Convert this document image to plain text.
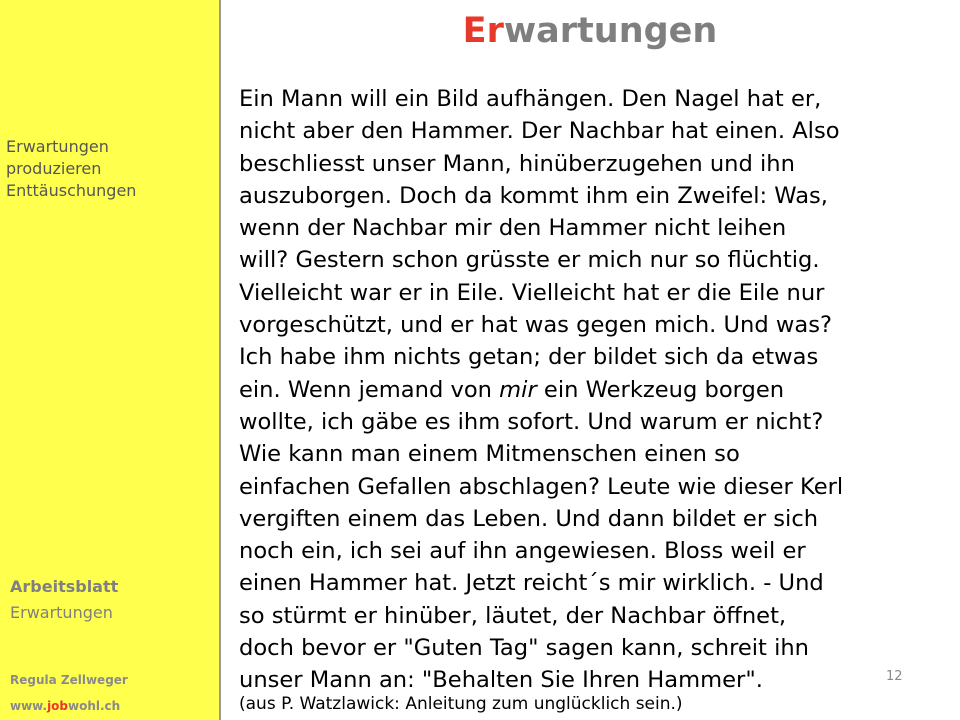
Erwartungen
produzieren
Enttäuschungen
Arbeitsblatt
Erwartungen
Regula Zellweger
www.jobwohl.ch
Erwartungen
Ein Mann will ein Bild aufhängen. Den Nagel hat er,
nicht aber den Hammer. Der Nachbar hat einen. Also
beschliesst unser Mann, hinüberzugehen und ihn
auszuborgen. Doch da kommt ihm ein Zweifel: Was,
wenn der Nachbar mir den Hammer nicht leihen
will? Gestern schon grüsste er mich nur so flüchtig.
Vielleicht war er in Eile. Vielleicht hat er die Eile nur
vorgeschützt, und er hat was gegen mich. Und was?
Ich habe ihm nichts getan; der bildet sich da etwas
ein. Wenn jemand von mir ein Werkzeug borgen
wollte, ich gäbe es ihm sofort. Und warum er nicht?
Wie kann man einem Mitmenschen einen so
einfachen Gefallen abschlagen? Leute wie dieser Kerl
vergiften einem das Leben. Und dann bildet er sich
noch ein, ich sei auf ihn angewiesen. Bloss weil er
einen Hammer hat. Jetzt reicht´s mir wirklich. - Und
so stürmt er hinüber, läutet, der Nachbar öffnet,
doch bevor er "Guten Tag" sagen kann, schreit ihn
unser Mann an: "Behalten Sie Ihren Hammer".
(aus P. Watzlawick: Anleitung zum unglücklich sein.)
12
